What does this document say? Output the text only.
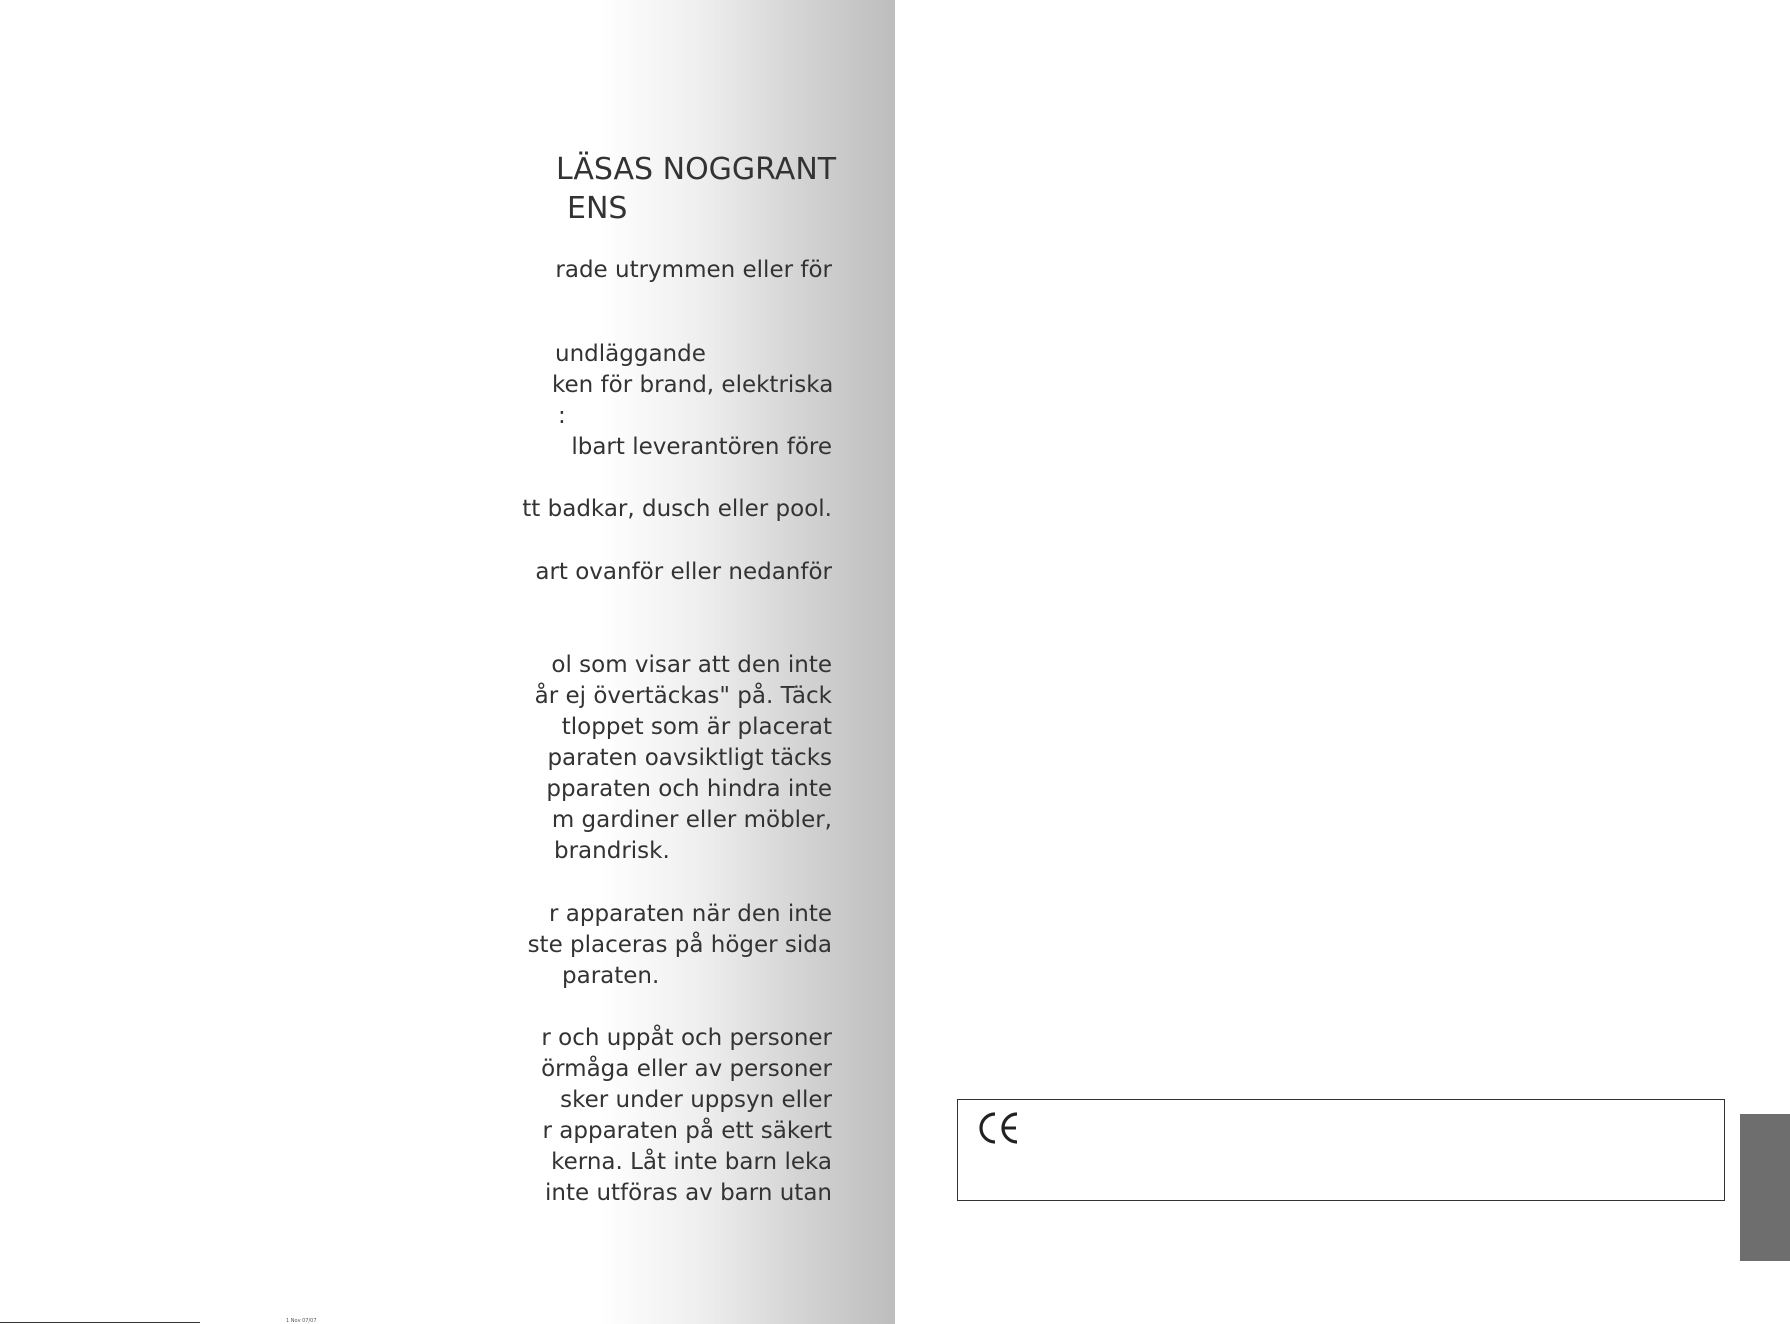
LÄSAS NOGGRANT
ENS
rade utrymmen eller för
undläggande
ken för brand, elektriska
:
lbart leverantören före
tt badkar, dusch eller pool.
art ovanför eller nedanför
ol som visar att den inte
år ej övertäckas" på. Täck
tloppet som är placerat
paraten oavsiktligt täcks
pparaten och hindra inte
m gardiner eller möbler,
brandrisk.
r apparaten när den inte
ste placeras på höger sida
paraten.
r och uppåt och personer
örmåga eller av personer
sker under uppsyn eller
r apparaten på ett säkert
kerna. Låt inte barn leka
inte utföras av barn utan
1 Nov 07/07
